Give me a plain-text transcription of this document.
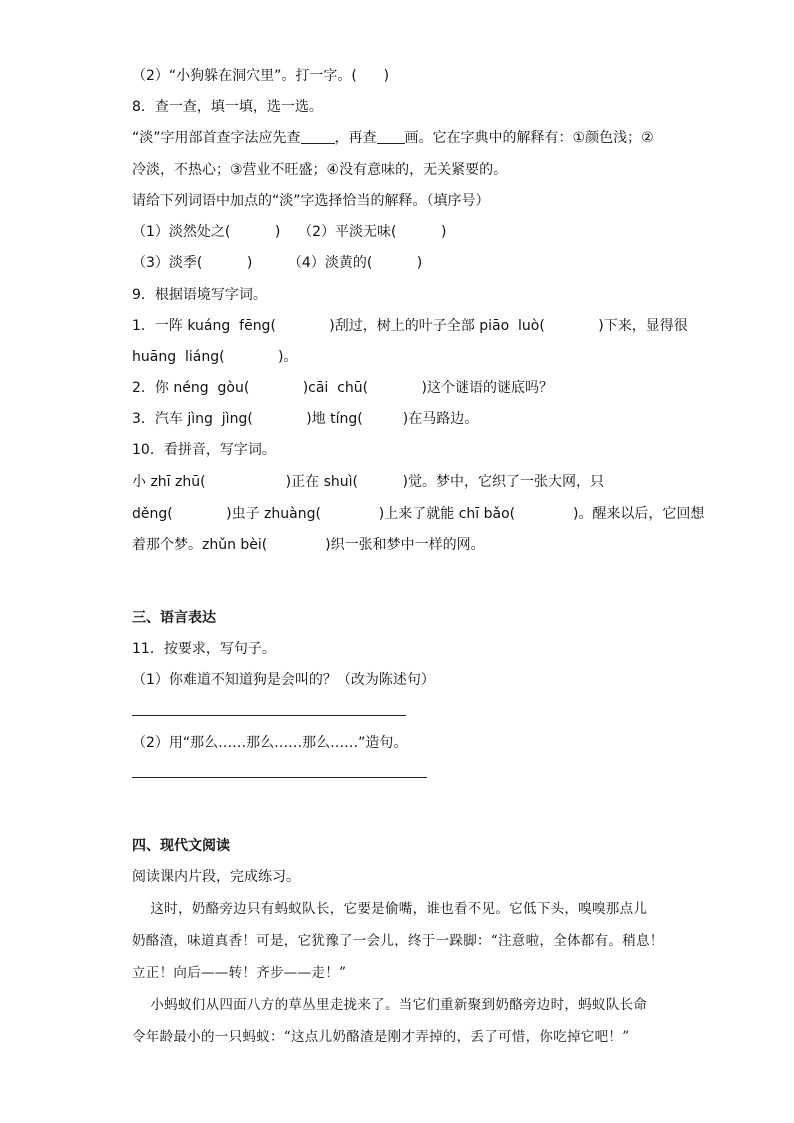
（2）“小狗躲在洞穴里”。打一字。(      )
8．查一查，填一填，选一选。
“淡”字用部首查字法应先查 ，再查 画。它在字典中的解释有：①颜色浅；②
冷淡，不热心；③营业不旺盛；④没有意味的，无关紧要的。
请给下列词语中加点的“淡”字选择恰当的解释。（填序号）
（1）淡然处之(          )    （2）平淡无味(          )
（3）淡季(          )        （4）淡黄的(          )
9．根据语境写字词。
1．一阵 kuáng  fēng(            )刮过，树上的叶子全部 piāo  luò(            )下来，显得很
huāng  liáng(            )。
2．你 néng  gòu(            )cāi  chū(            )这个谜语的谜底吗？
3．汽车 jìng  jìng(            )地 tíng(         )在马路边。
10．看拼音，写字词。
小 zhī zhū(                  )正在 shuì(          )觉。梦中，它织了一张大网，只
děng(            )虫子 zhuàng(             )上来了就能 chī bǎo(             )。醒来以后，它回想
着那个梦。zhǔn bèi(             )织一张和梦中一样的网。
三、语言表达
11．按要求，写句子。
（1）你难道不知道狗是会叫的？（改为陈述句）
（2）用“那么……那么……那么……”造句。
四、现代文阅读
阅读课内片段，完成练习。
这时，奶酪旁边只有蚂蚁队长，它要是偷嘴，谁也看不见。它低下头，嗅嗅那点儿
奶酪渣，味道真香！可是，它犹豫了一会儿，终于一跺脚：“注意啦，全体都有。稍息！
立正！向后——转！齐步——走！”
小蚂蚁们从四面八方的草丛里走拢来了。当它们重新聚到奶酪旁边时，蚂蚁队长命
令年龄最小的一只蚂蚁：“这点儿奶酪渣是刚才弄掉的，丢了可惜，你吃掉它吧！”
